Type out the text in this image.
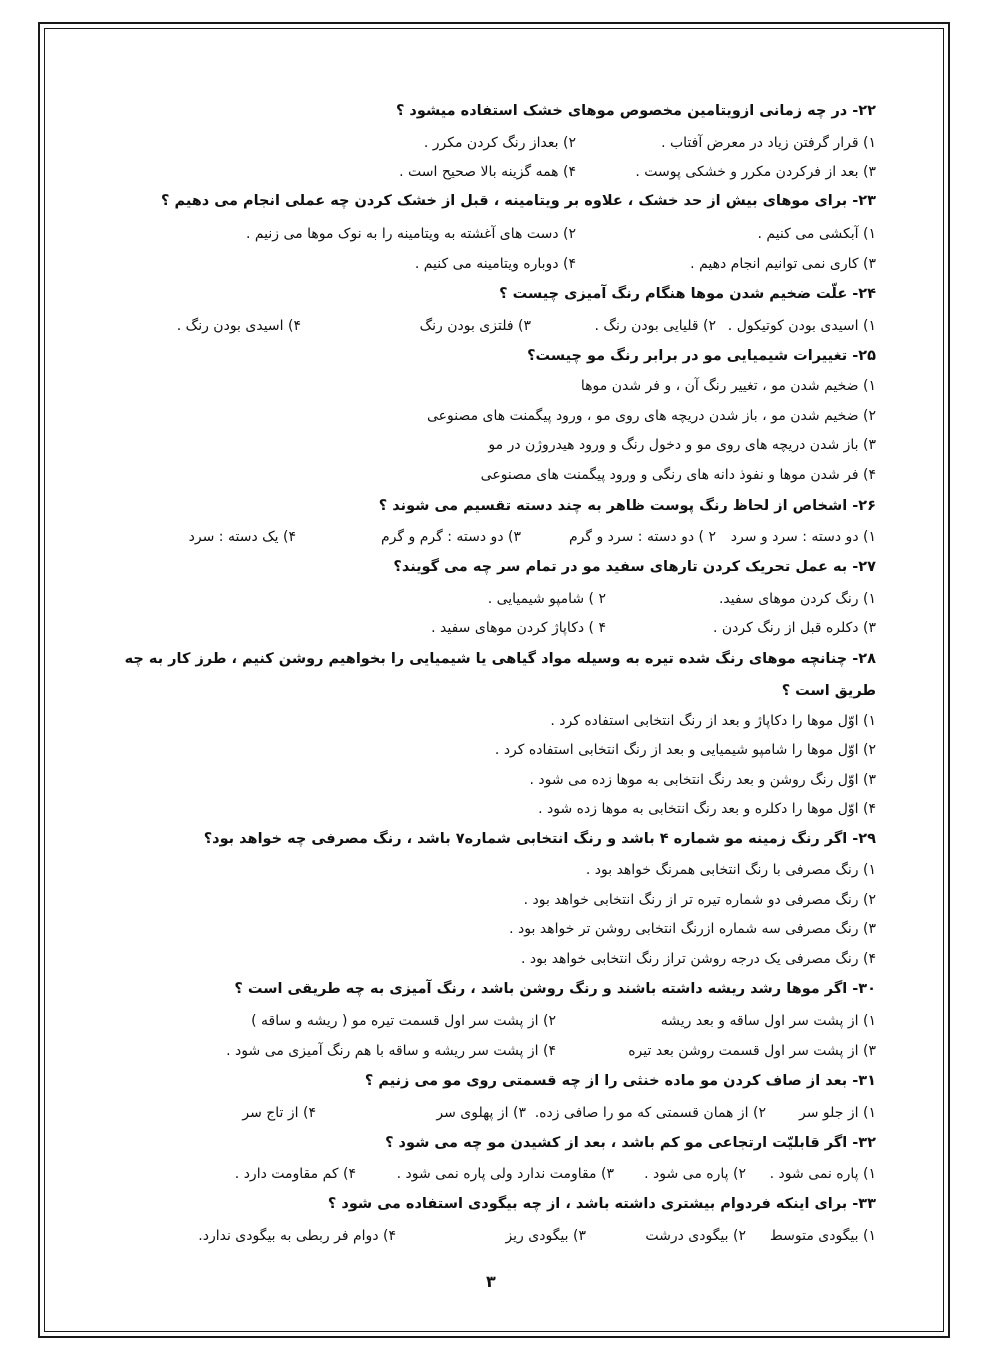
۲۲- در چه زمانی ازویتامین مخصوص موهای خشک استفاده میشود ؟
۱) قرار گرفتن زیاد در معرض آفتاب .
۲) بعداز رنگ کردن مکرر .
۳) بعد از فرکردن مکرر و خشکی پوست .
۴) همه گزینه بالا صحیح است .
۲۳- برای موهای بیش از حد خشک ، علاوه بر ویتامینه ، قبل از خشک کردن چه عملی انجام می دهیم ؟
۱) آبکشی می کنیم .
۲) دست های آغشته به ویتامینه را به نوک موها می زنیم .
۳) کاری نمی توانیم انجام دهیم .
۴) دوباره ویتامینه می کنیم .
۲۴- علّت ضخیم شدن موها هنگام رنگ آمیزی چیست ؟
۱) اسیدی بودن کوتیکول .
۲) قلیایی بودن رنگ .
۳) فلتزی بودن رنگ
۴) اسیدی بودن رنگ .
۲۵- تغییرات شیمیایی مو در برابر رنگ مو چیست؟
۱) ضخیم شدن مو ، تغییر رنگ آن ، و فر شدن موها
۲) ضخیم شدن مو ، باز شدن دریچه های روی مو ، ورود پیگمنت های مصنوعی
۳) باز شدن دریچه های روی مو و دخول رنگ و ورود هیدروژن در مو
۴) فر شدن موها و نفوذ دانه های رنگی و ورود پیگمنت های مصنوعی
۲۶- اشخاص از لحاظ رنگ پوست ظاهر به چند دسته تقسیم می شوند ؟
۱) دو دسته : سرد و سرد
۲ ) دو دسته : سرد و گرم
۳) دو دسته : گرم و گرم
۴) یک دسته : سرد
۲۷- به عمل تحریک کردن تارهای سفید مو در تمام سر چه می گویند؟
۱) رنگ کردن موهای سفید.
۲ ) شامپو شیمیایی .
۳) دکلره قبل از رنگ کردن .
۴ ) دکاپاژ کردن موهای سفید .
۲۸- چنانچه موهای رنگ شده تیره به وسیله مواد گیاهی یا شیمیایی را بخواهیم روشن کنیم ، طرز کار به چه
طریق است ؟
۱) اوّل موها را دکاپاژ و بعد از رنگ انتخابی استفاده کرد .
۲) اوّل موها را شامپو شیمیایی و بعد از رنگ انتخابی استفاده کرد .
۳) اوّل رنگ روشن و بعد رنگ انتخابی به موها زده می شود .
۴) اوّل موها را دکلره و بعد رنگ انتخابی به موها زده شود .
۲۹- اگر رنگ زمینه مو شماره ۴ باشد و رنگ انتخابی شماره۷ باشد ، رنگ مصرفی چه خواهد بود؟
۱) رنگ مصرفی با رنگ انتخابی همرنگ خواهد بود .
۲) رنگ مصرفی دو شماره تیره تر از رنگ انتخابی خواهد بود .
۳) رنگ مصرفی سه شماره ازرنگ انتخابی روشن تر خواهد بود .
۴) رنگ مصرفی یک درجه روشن تراز رنگ انتخابی خواهد بود .
۳۰- اگر موها رشد ریشه داشته باشند و رنگ روشن باشد ، رنگ آمیزی به چه طریقی است ؟
۱) از پشت سر اول ساقه و بعد ریشه
۲) از پشت سر اول قسمت تیره مو ( ریشه و ساقه )
۳) از پشت سر اول قسمت روشن بعد تیره
۴) از پشت سر ریشه و ساقه با هم رنگ آمیزی می شود .
۳۱- بعد از صاف کردن مو ماده خنثی را از چه قسمتی روی مو می زنیم ؟
۱) از جلو سر
۲) از همان قسمتی که مو را صافی زده.
۳) از پهلوی سر
۴) از تاج سر
۳۲- اگر قابلیّت ارتجاعی مو کم باشد ، بعد از کشیدن مو چه می شود ؟
۱) پاره نمی شود .
۲) پاره می شود .
۳) مقاومت ندارد ولی پاره نمی شود .
۴) کم مقاومت دارد .
۳۳- برای اینکه فردوام بیشتری داشته باشد ، از چه بیگودی استفاده می شود ؟
۱) بیگودی متوسط
۲) بیگودی درشت
۳) بیگودی ریز
۴) دوام فر ربطی به بیگودی ندارد.
۳
